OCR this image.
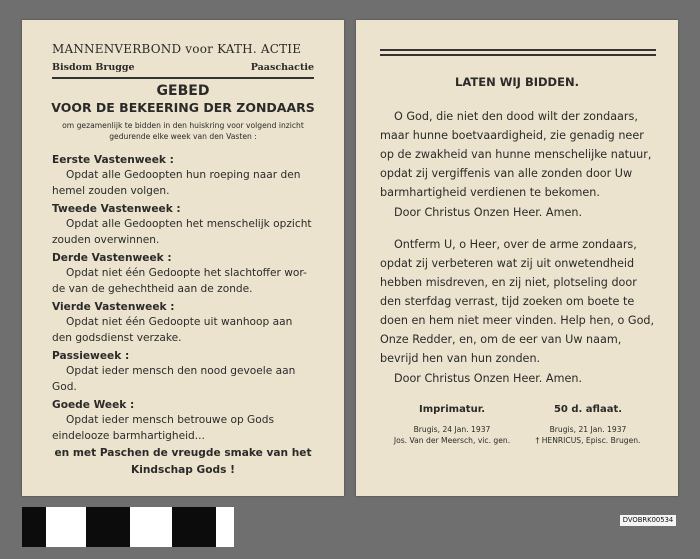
MANNENVERBOND voor KATH. ACTIE
Bisdom Brugge	Paaschactie
GEBED
VOOR DE BEKEERING DER ZONDAARS
om gezamenlijk te bidden in den huiskring voor volgend inzicht
gedurende elke week van den Vasten :
Eerste Vastenweek :
Opdat alle Gedoopten hun roeping naar den
hemel zouden volgen.
Tweede Vastenweek :
Opdat alle Gedoopten het menschelijk opzicht
zouden overwinnen.
Derde Vastenweek :
Opdat niet één Gedoopte het slachtoffer wor-
de van de gehechtheid aan de zonde.
Vierde Vastenweek :
Opdat niet één Gedoopte uit wanhoop aan
den godsdienst verzake.
Passieweek :
Opdat ieder mensch den nood gevoele aan
God.
Goede Week :
Opdat ieder mensch betrouwe op Gods
eindelooze barmhartigheid...
en met Paschen de vreugde smake van het
Kindschap Gods !
LATEN WIJ BIDDEN.
O God, die niet den dood wilt der zondaars,
maar hunne boetvaardigheid, zie genadig neer
op de zwakheid van hunne menschelijke natuur,
opdat zij vergiffenis van alle zonden door Uw
barmhartigheid verdienen te bekomen.
Door Christus Onzen Heer. Amen.
Ontferm U, o Heer, over de arme zondaars,
opdat zij verbeteren wat zij uit onwetendheid
hebben misdreven, en zij niet, plotseling door
den sterfdag verrast, tijd zoeken om boete te
doen en hem niet meer vinden. Help hen, o God,
Onze Redder, en, om de eer van Uw naam,
bevrijd hen van hun zonden.
Door Christus Onzen Heer. Amen.
Imprimatur.
Brugis, 24 Jan. 1937
Jos. Van der Meersch, vic. gen.
50 d. aflaat.
Brugis, 21 Jan. 1937
† HENRICUS, Episc. Brugen.
DVOBRK00534
